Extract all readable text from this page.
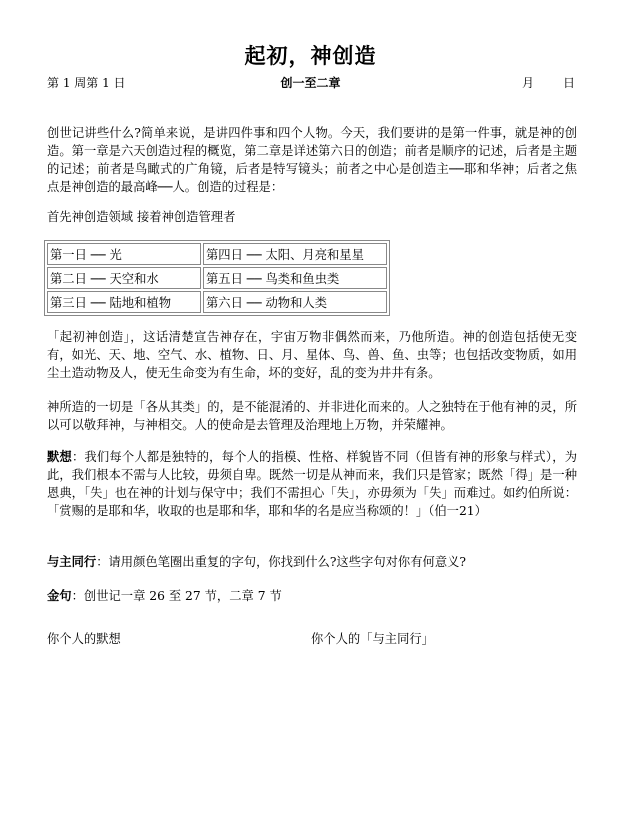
起初，神创造
第 1 周第 1 日	创一至二章	月 日
创世记讲些什么?简单来说，是讲四件事和四个人物。今天，我们要讲的是第一件事，就是神的创造。第一章是六天创造过程的概览，第二章是详述第六日的创造；前者是顺序的记述，后者是主题的记述；前者是鸟瞰式的广角镜，后者是特写镜头；前者之中心是创造主──耶和华神；后者之焦点是神创造的最高峰──人。创造的过程是：
首先神创造领域 接着神创造管理者
第一日 ── 光	第四日 ── 太阳、月亮和星星
第二日 ── 天空和水	第五日 ── 鸟类和鱼虫类
第三日 ── 陆地和植物	第六日 ── 动物和人类
「起初神创造」，这话清楚宣告神存在，宇宙万物非偶然而来，乃他所造。神的创造包括使无变有，如光、天、地、空气、水、植物、日、月、星体、鸟、兽、鱼、虫等；也包括改变物质，如用尘土造动物及人，使无生命变为有生命，坏的变好，乱的变为井井有条。
神所造的一切是「各从其类」的，是不能混淆的、并非进化而来的。人之独特在于他有神的灵，所以可以敬拜神，与神相交。人的使命是去管理及治理地上万物，并荣耀神。
默想：我们每个人都是独特的，每个人的指模、性格、样貌皆不同（但皆有神的形象与样式），为此，我们根本不需与人比较，毋须自卑。既然一切是从神而来，我们只是管家；既然「得」是一种恩典，「失」也在神的计划与保守中；我们不需担心「失」，亦毋须为「失」而难过。如约伯所说：「赏赐的是耶和华，收取的也是耶和华，耶和华的名是应当称颂的！」（伯一21）
与主同行：请用颜色笔圈出重复的字句，你找到什么?这些字句对你有何意义?
金句：创世记一章 26 至 27 节，二章 7 节
你个人的默想	你个人的「与主同行」
